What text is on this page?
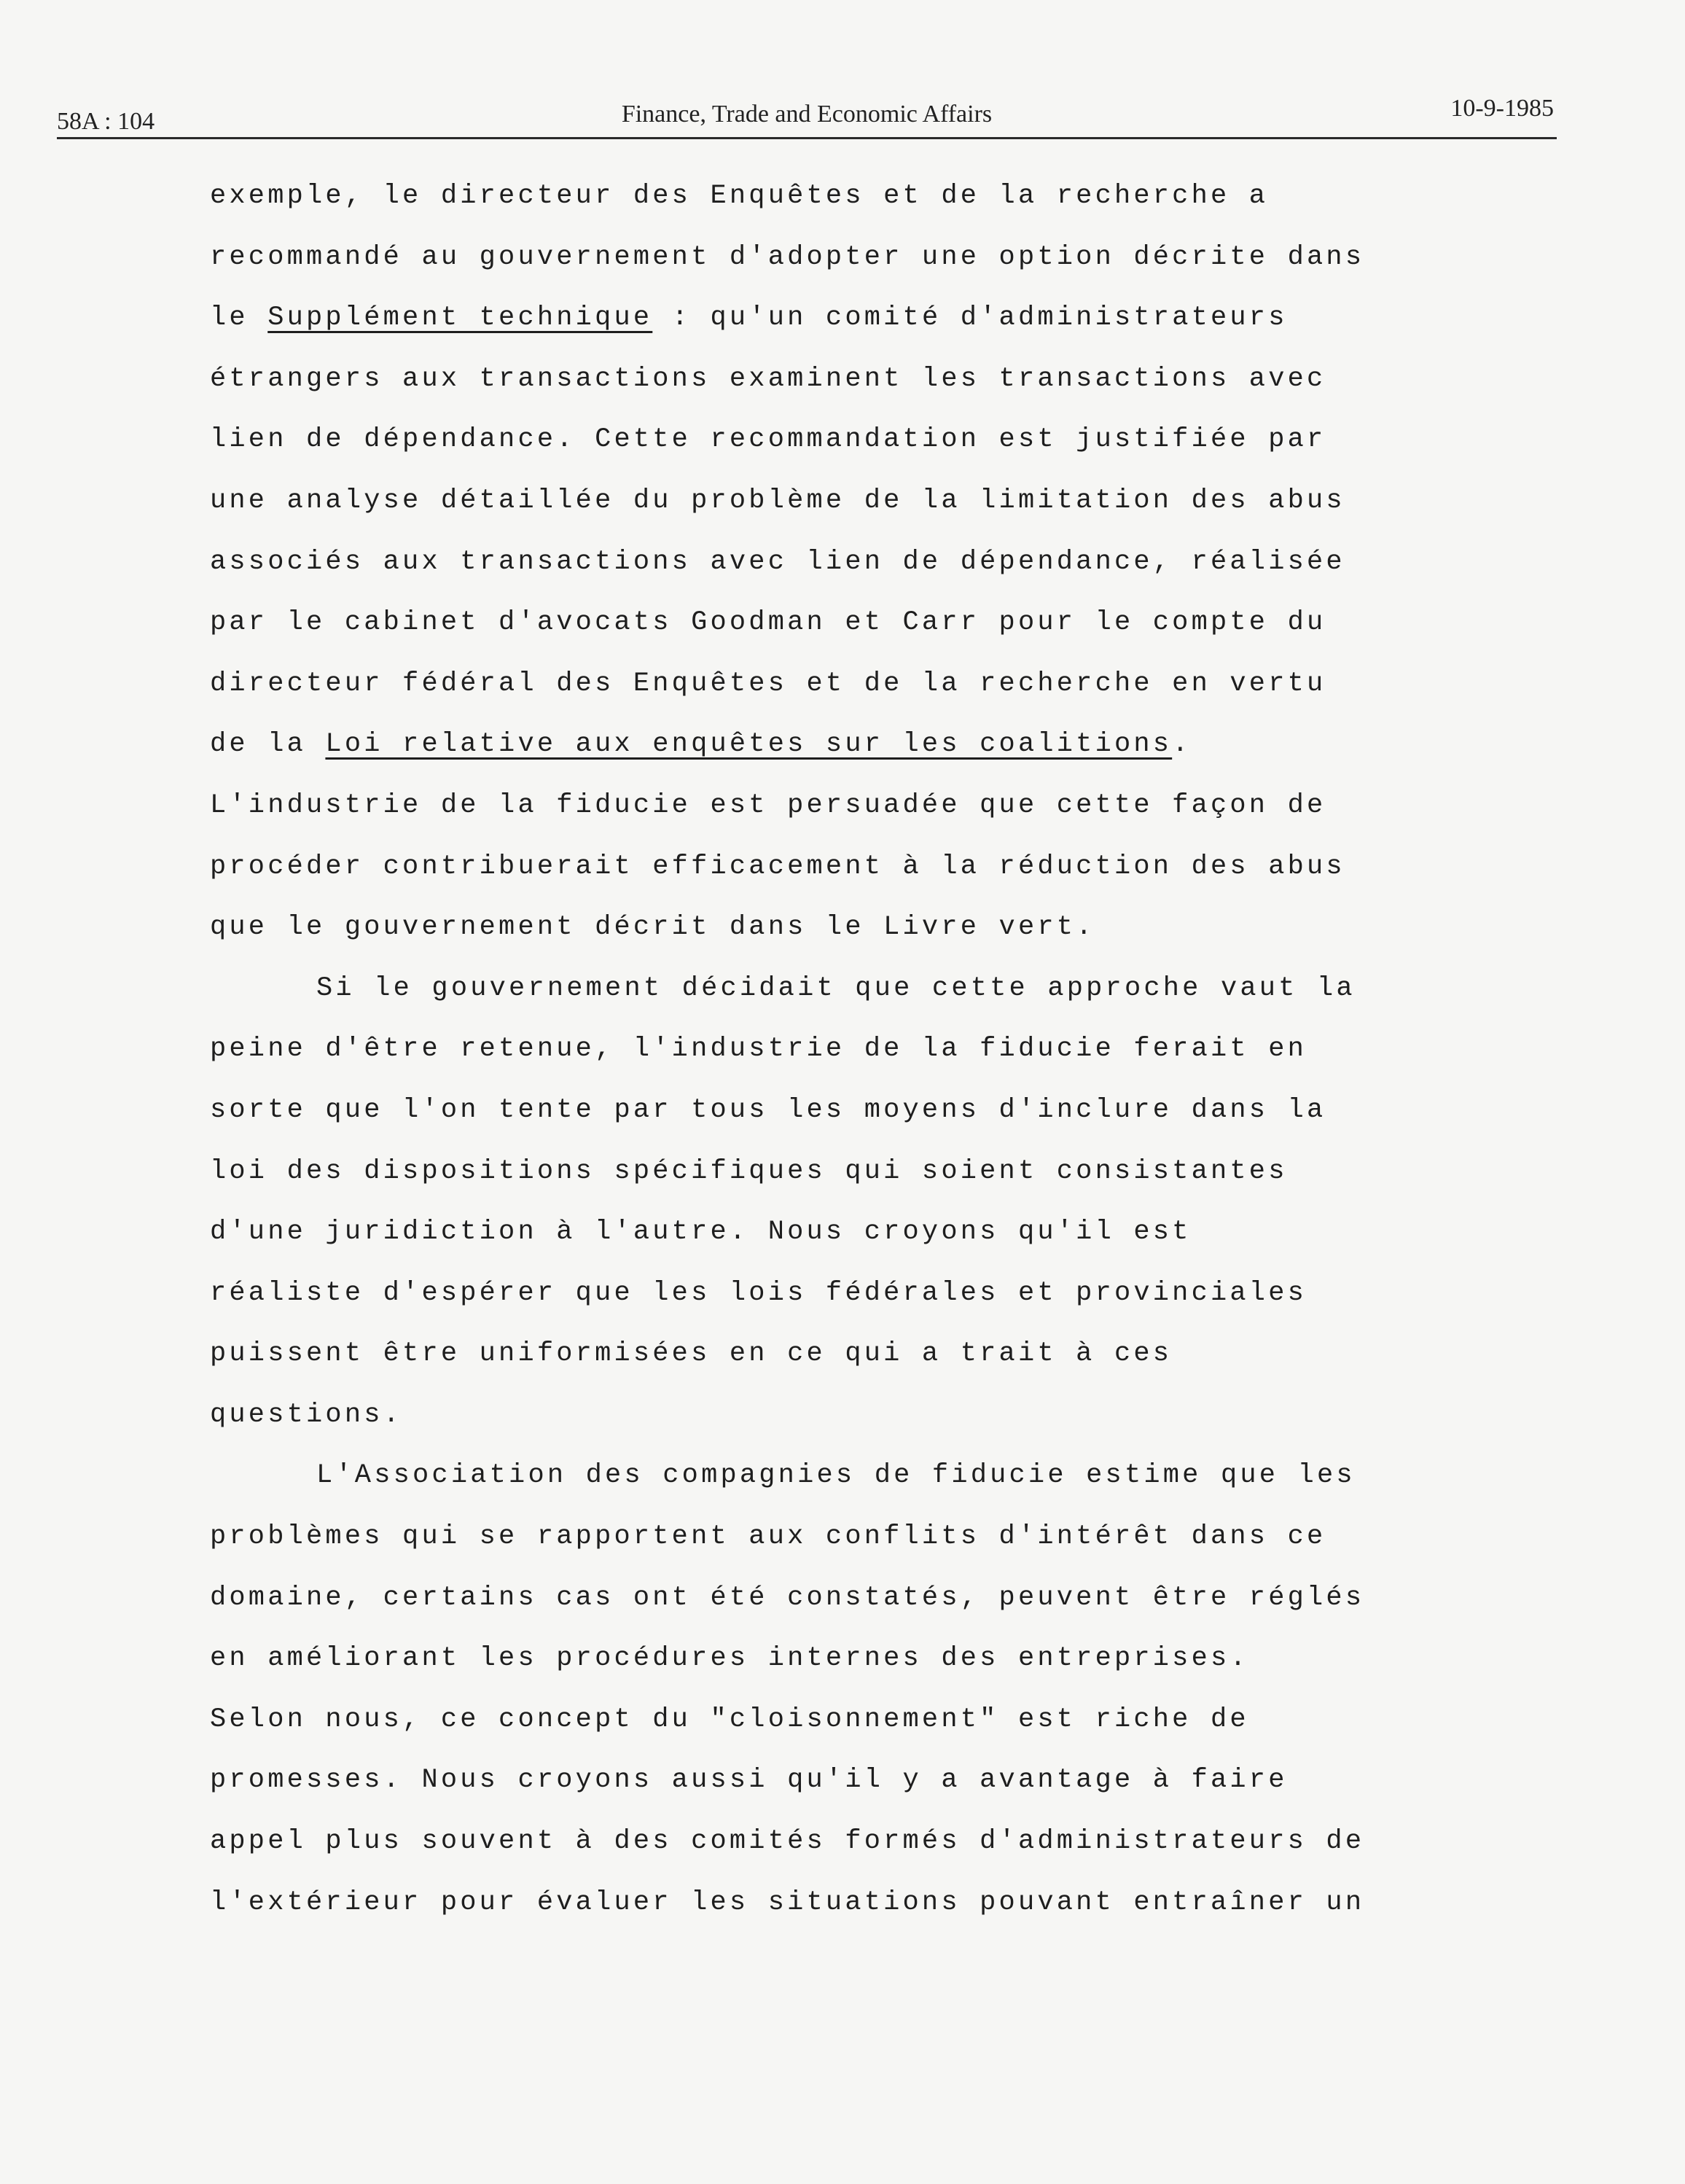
58A : 104	Finance, Trade and Economic Affairs	10-9-1985
exemple, le directeur des Enquêtes et de la recherche a
recommandé au gouvernement d'adopter une option décrite dans
le Supplément technique : qu'un comité d'administrateurs
étrangers aux transactions examinent les transactions avec
lien de dépendance. Cette recommandation est justifiée par
une analyse détaillée du problème de la limitation des abus
associés aux transactions avec lien de dépendance, réalisée
par le cabinet d'avocats Goodman et Carr pour le compte du
directeur fédéral des Enquêtes et de la recherche en vertu
de la Loi relative aux enquêtes sur les coalitions.
L'industrie de la fiducie est persuadée que cette façon de
procéder contribuerait efficacement à la réduction des abus
que le gouvernement décrit dans le Livre vert.
Si le gouvernement décidait que cette approche vaut la
peine d'être retenue, l'industrie de la fiducie ferait en
sorte que l'on tente par tous les moyens d'inclure dans la
loi des dispositions spécifiques qui soient consistantes
d'une juridiction à l'autre. Nous croyons qu'il est
réaliste d'espérer que les lois fédérales et provinciales
puissent être uniformisées en ce qui a trait à ces
questions.
L'Association des compagnies de fiducie estime que les
problèmes qui se rapportent aux conflits d'intérêt dans ce
domaine, certains cas ont été constatés, peuvent être réglés
en améliorant les procédures internes des entreprises.
Selon nous, ce concept du "cloisonnement" est riche de
promesses. Nous croyons aussi qu'il y a avantage à faire
appel plus souvent à des comités formés d'administrateurs de
l'extérieur pour évaluer les situations pouvant entraîner un
